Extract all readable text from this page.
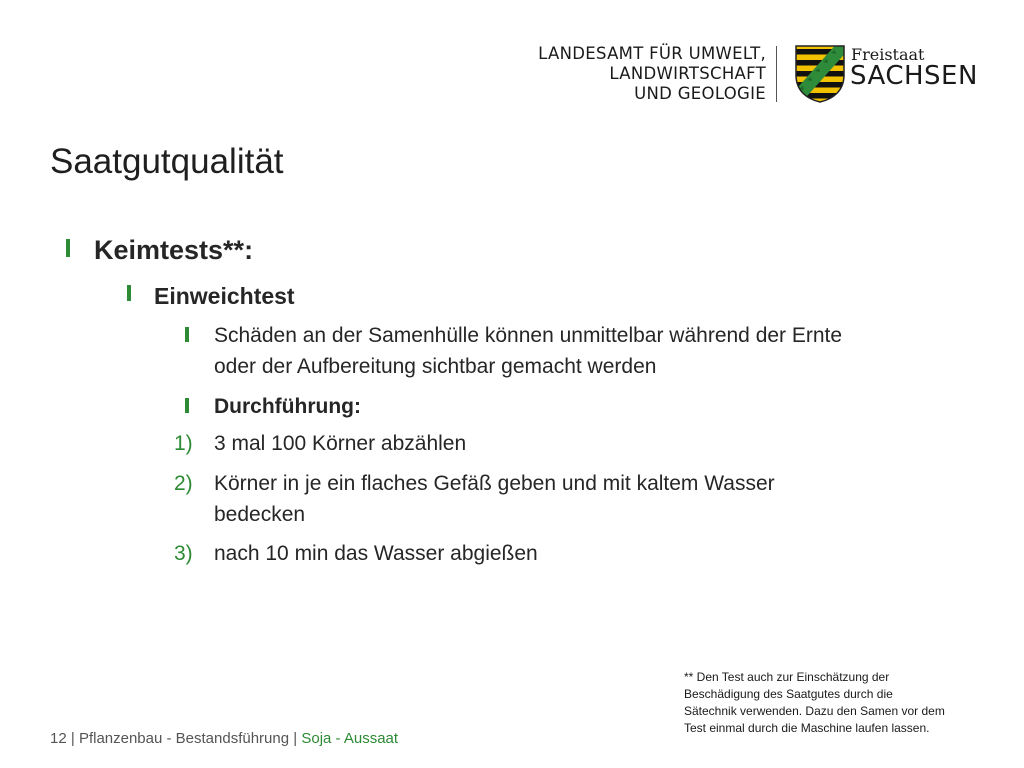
LANDESAMT FÜR UMWELT,
LANDWIRTSCHAFT
UND GEOLOGIE
Freistaat
SACHSEN
Saatgutqualität
Keimtests**:
Einweichtest
Schäden an der Samenhülle können unmittelbar während der Ernte
oder der Aufbereitung sichtbar gemacht werden
Durchführung:
1) 3 mal 100 Körner abzählen
2) Körner in je ein flaches Gefäß geben und mit kaltem Wasser
bedecken
3) nach 10 min das Wasser abgießen
** Den Test auch zur Einschätzung der
Beschädigung des Saatgutes durch die
Sätechnik verwenden. Dazu den Samen vor dem
Test einmal durch die Maschine laufen lassen.
12 | Pflanzenbau - Bestandsführung | Soja - Aussaat
